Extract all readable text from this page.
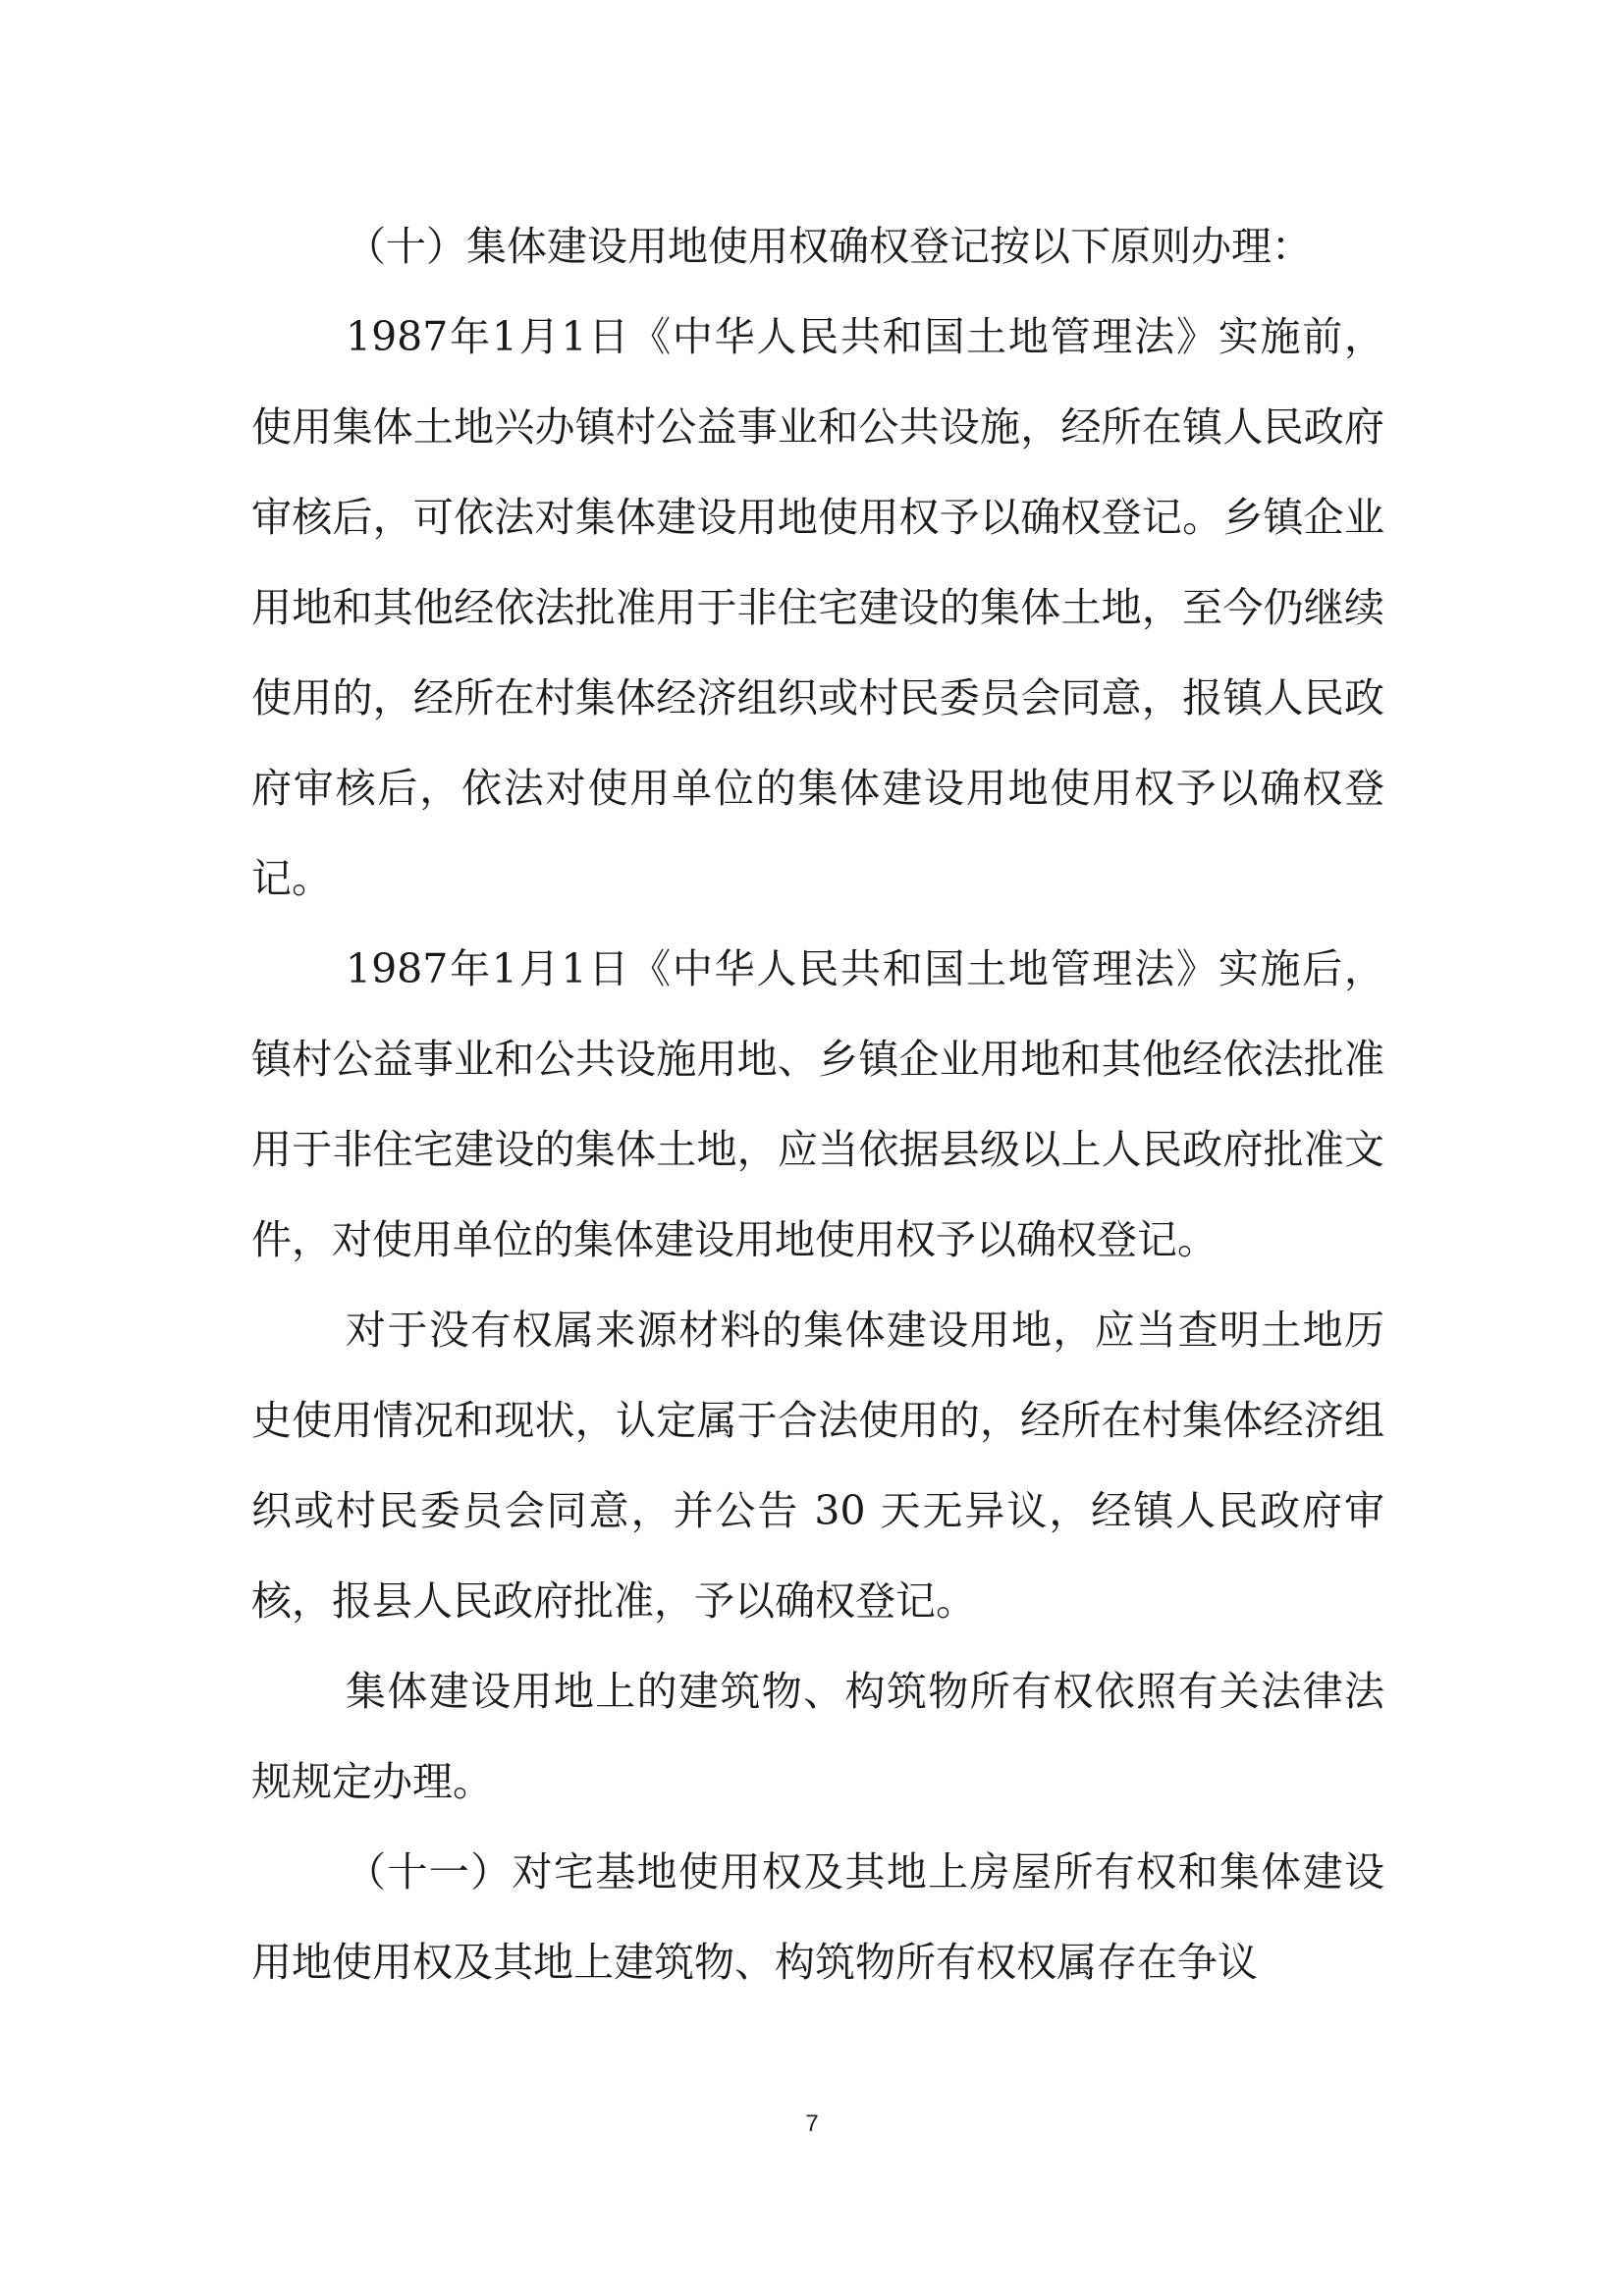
（十）集体建设用地使用权确权登记按以下原则办理：

1987年1月1日《中华人民共和国土地管理法》实施前，使用集体土地兴办镇村公益事业和公共设施，经所在镇人民政府审核后，可依法对集体建设用地使用权予以确权登记。乡镇企业用地和其他经依法批准用于非住宅建设的集体土地，至今仍继续使用的，经所在村集体经济组织或村民委员会同意，报镇人民政府审核后，依法对使用单位的集体建设用地使用权予以确权登记。

1987年1月1日《中华人民共和国土地管理法》实施后，镇村公益事业和公共设施用地、乡镇企业用地和其他经依法批准用于非住宅建设的集体土地，应当依据县级以上人民政府批准文件，对使用单位的集体建设用地使用权予以确权登记。

对于没有权属来源材料的集体建设用地，应当查明土地历史使用情况和现状，认定属于合法使用的，经所在村集体经济组织或村民委员会同意，并公告 30 天无异议，经镇人民政府审核，报县人民政府批准，予以确权登记。

集体建设用地上的建筑物、构筑物所有权依照有关法律法规规定办理。

（十一）对宅基地使用权及其地上房屋所有权和集体建设用地使用权及其地上建筑物、构筑物所有权权属存在争议

7
